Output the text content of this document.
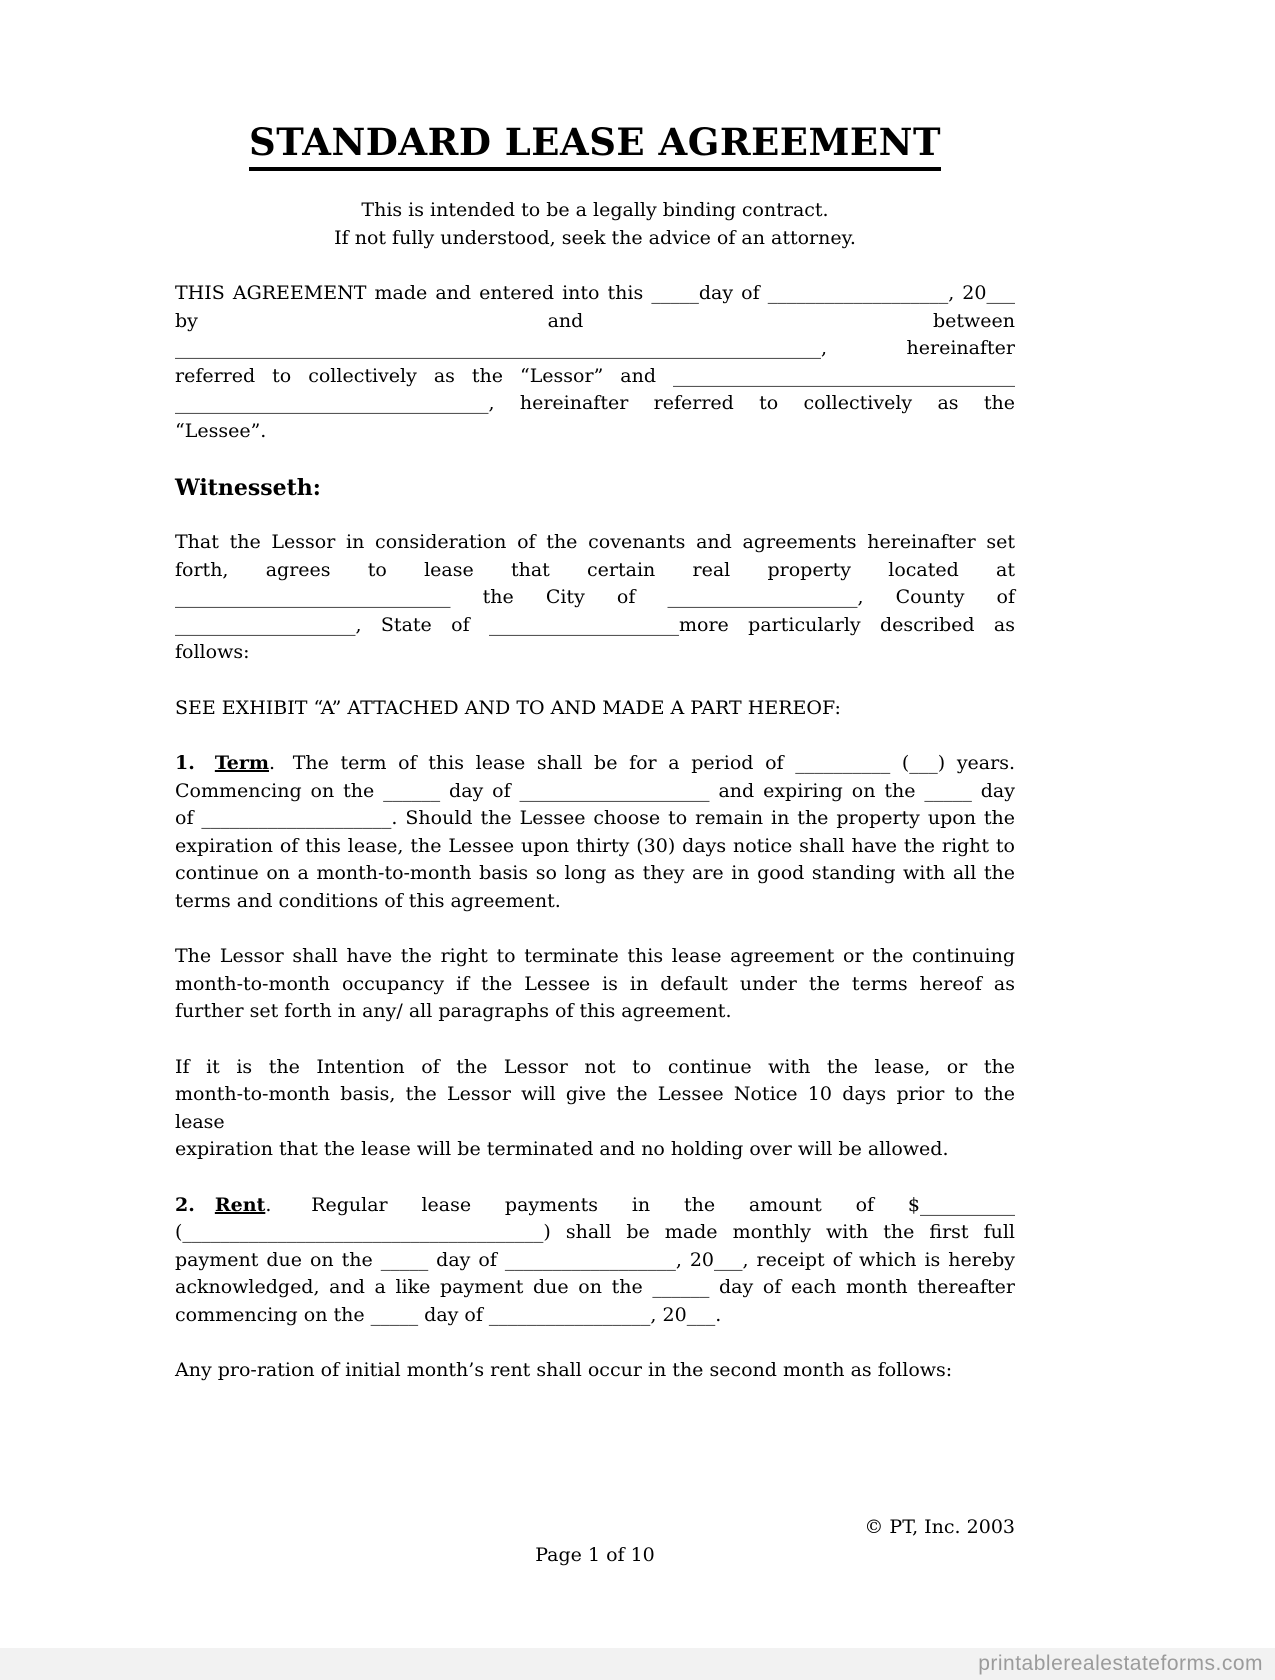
STANDARD LEASE AGREEMENT
This is intended to be a legally binding contract.
If not fully understood, seek the advice of an attorney.
THIS AGREEMENT made and entered into this _____day of ___________________, 20___
by	and	between
____________________________________________________________________, hereinafter
referred to collectively as the “Lessor” and ____________________________________
_________________________________, hereinafter referred to collectively as the
“Lessee”.
Witnesseth:
That the Lessor in consideration of the covenants and agreements hereinafter set
forth, agrees to lease that certain real property located at
_____________________________ the City of ____________________, County of
___________________, State of ____________________more particularly described as
follows:
SEE EXHIBIT “A” ATTACHED AND TO AND MADE A PART HEREOF:
1. Term. The term of this lease shall be for a period of __________ (___) years.
Commencing on the ______ day of ____________________ and expiring on the _____ day
of ____________________. Should the Lessee choose to remain in the property upon the
expiration of this lease, the Lessee upon thirty (30) days notice shall have the right to
continue on a month-to-month basis so long as they are in good standing with all the
terms and conditions of this agreement.
The Lessor shall have the right to terminate this lease agreement or the continuing
month-to-month occupancy if the Lessee is in default under the terms hereof as
further set forth in any/ all paragraphs of this agreement.
If it is the Intention of the Lessor not to continue with the lease, or the
month-to-month basis, the Lessor will give the Lessee Notice 10 days prior to the lease
expiration that the lease will be terminated and no holding over will be allowed.
2. Rent. Regular lease payments in the amount of $__________
(______________________________________) shall be made monthly with the first full
payment due on the _____ day of __________________, 20___, receipt of which is hereby
acknowledged, and a like payment due on the ______ day of each month thereafter
commencing on the _____ day of _________________, 20___.
Any pro-ration of initial month’s rent shall occur in the second month as follows:
© PT, Inc. 2003
Page 1 of 10
printablerealestateforms.com
